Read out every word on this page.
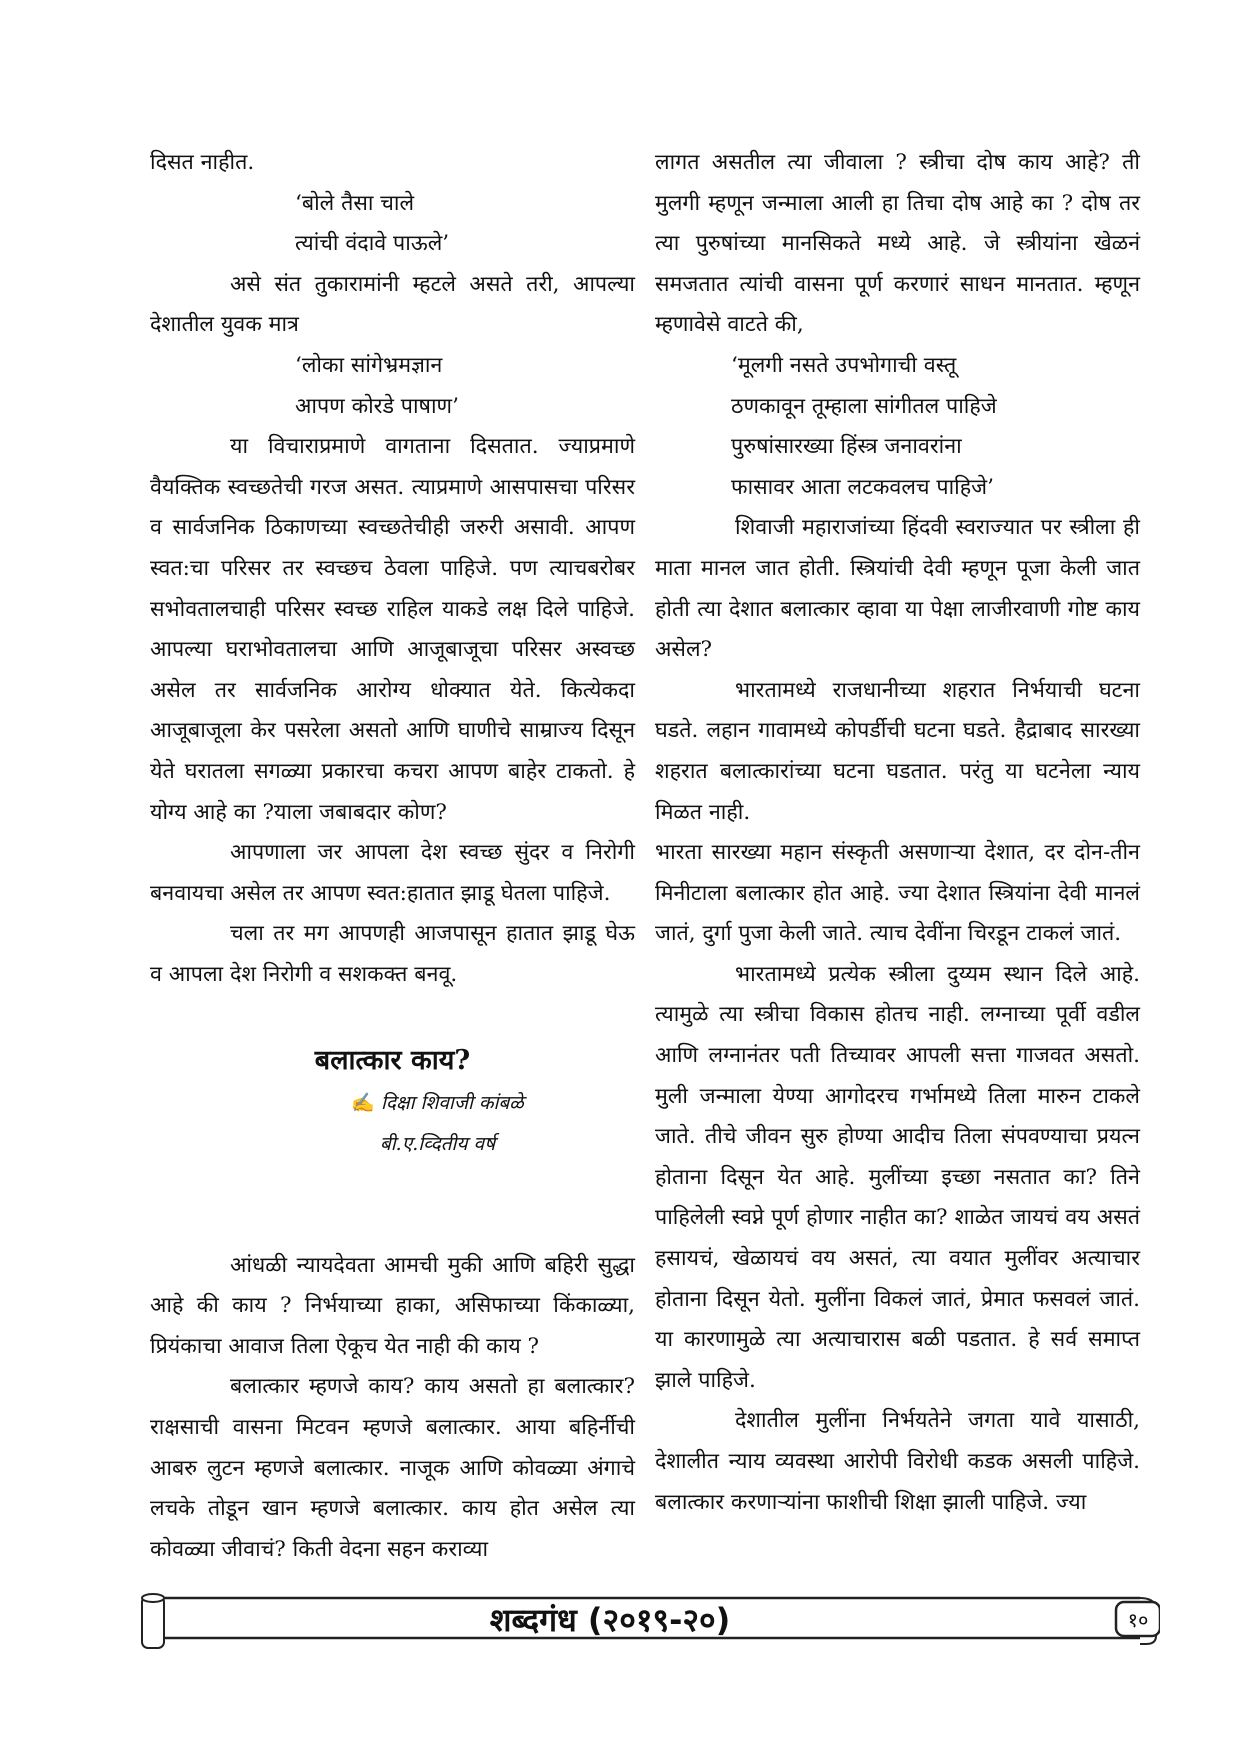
दिसत नाहीत.

‘बोले तैसा चाले

त्यांची वंदावे पाऊले’

असे संत तुकारामांनी म्हटले असते तरी, आपल्या देशातील युवक मात्र

‘लोका सांगेभ्रमज्ञान

आपण कोरडे पाषाण’

या विचाराप्रमाणे वागताना दिसतात. ज्याप्रमाणे वैयक्तिक स्वच्छतेची गरज असत. त्याप्रमाणे आसपासचा परिसर व सार्वजनिक ठिकाणच्या स्वच्छतेचीही जरुरी असावी. आपण स्वत:चा परिसर तर स्वच्छच ठेवला पाहिजे. पण त्याचबरोबर सभोवतालचाही परिसर स्वच्छ राहिल याकडे लक्ष दिले पाहिजे. आपल्या घराभोवतालचा आणि आजूबाजूचा परिसर अस्वच्छ असेल तर सार्वजनिक आरोग्य धोक्यात येते. कित्येकदा आजूबाजूला केर पसरेला असतो आणि घाणीचे साम्राज्य दिसून येते घरातला सगळ्या प्रकारचा कचरा आपण बाहेर टाकतो. हे योग्य आहे का ?याला जबाबदार कोण?

आपणाला जर आपला देश स्वच्छ सुंदर व निरोगी बनवायचा असेल तर आपण स्वत:हातात झाडू घेतला पाहिजे.

चला तर मग आपणही आजपासून हातात झाडू घेऊ व आपला देश निरोगी व सशकक्त बनवू.

बलात्कार काय?

✍ दिक्षा शिवाजी कांबळे

बी.ए.व्दितीय वर्ष

आंधळी न्यायदेवता आमची मुकी आणि बहिरी सुद्धा आहे की काय ? निर्भयाच्या हाका, असिफाच्या किंकाळ्या, प्रियंकाचा आवाज तिला ऐकूच येत नाही की काय ?

बलात्कार म्हणजे काय? काय असतो हा बलात्कार? राक्षसाची वासना मिटवन म्हणजे बलात्कार. आया बहिर्नीची आबरु लुटन म्हणजे बलात्कार. नाजूक आणि कोवळ्या अंगाचे लचके तोडून खान म्हणजे बलात्कार. काय होत असेल त्या कोवळ्या जीवाचं? किती वेदना सहन कराव्या

लागत असतील त्या जीवाला ? स्त्रीचा दोष काय आहे? ती मुलगी म्हणून जन्माला आली हा तिचा दोष आहे का ? दोष तर त्या पुरुषांच्या मानसिकते मध्ये आहे. जे स्त्रीयांना खेळनं समजतात त्यांची वासना पूर्ण करणारं साधन मानतात. म्हणून म्हणावेसे वाटते की,

‘मूलगी नसते उपभोगाची वस्तू

ठणकावून तूम्हाला सांगीतल पाहिजे

पुरुषांसारख्या हिंस्त्र जनावरांना

फासावर आता लटकवलच पाहिजे’

शिवाजी महाराजांच्या हिंदवी स्वराज्यात पर स्त्रीला ही माता मानल जात होती. स्त्रियांची देवी म्हणून पूजा केली जात होती त्या देशात बलात्कार व्हावा या पेक्षा लाजीरवाणी गोष्ट काय असेल?

भारतामध्ये राजधानीच्या शहरात निर्भयाची घटना घडते. लहान गावामध्ये कोपर्डीची घटना घडते. हैद्राबाद सारख्या शहरात बलात्कारांच्या घटना घडतात. परंतु या घटनेला न्याय मिळत नाही.

भारता सारख्या महान संस्कृती असणाऱ्या देशात, दर दोन-तीन मिनीटाला बलात्कार होत आहे. ज्या देशात स्त्रियांना देवी मानलं जातं, दुर्गा पुजा केली जाते. त्याच देवींना चिरडून टाकलं जातं.

भारतामध्ये प्रत्येक स्त्रीला दुय्यम स्थान दिले आहे. त्यामुळे त्या स्त्रीचा विकास होतच नाही. लग्नाच्या पूर्वी वडील आणि लग्नानंतर पती तिच्यावर आपली सत्ता गाजवत असतो. मुली जन्माला येण्या आगोदरच गर्भामध्ये तिला मारुन टाकले जाते. तीचे जीवन सुरु होण्या आदीच तिला संपवण्याचा प्रयत्न होताना दिसून येत आहे. मुलींच्या इच्छा नसतात का? तिने पाहिलेली स्वप्ने पूर्ण होणार नाहीत का? शाळेत जायचं वय असतं हसायचं, खेळायचं वय असतं, त्या वयात मुलींवर अत्याचार होताना दिसून येतो. मुलींना विकलं जातं, प्रेमात फसवलं जातं. या कारणामुळे त्या अत्याचारास बळी पडतात. हे सर्व समाप्त झाले पाहिजे.

देशातील मुलींना निर्भयतेने जगता यावे यासाठी, देशालीत न्याय व्यवस्था आरोपी विरोधी कडक असली पाहिजे. बलात्कार करणाऱ्यांना फाशीची शिक्षा झाली पाहिजे. ज्या

शब्दगंध (२०१९-२०)	१०
